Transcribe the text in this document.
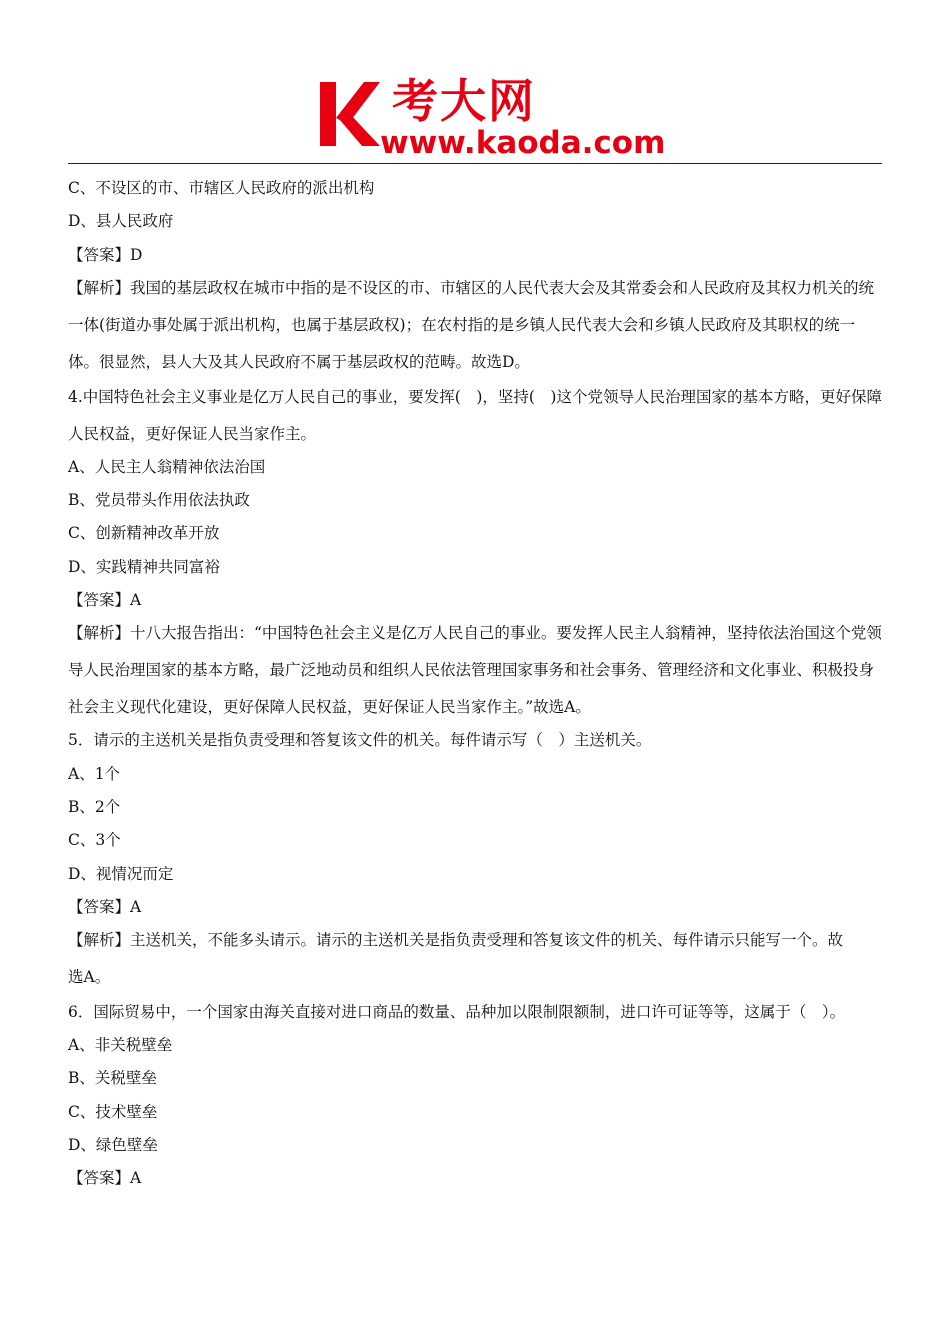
考大网
www.kaoda.com
C、不设区的市、市辖区人民政府的派出机构
D、县人民政府
【答案】D
【解析】我国的基层政权在城市中指的是不设区的市、市辖区的人民代表大会及其常委会和人民政府及其权力机关的统一体(街道办事处属于派出机构，也属于基层政权)；在农村指的是乡镇人民代表大会和乡镇人民政府及其职权的统一体。很显然，县人大及其人民政府不属于基层政权的范畴。故选D。
4.中国特色社会主义事业是亿万人民自己的事业，要发挥(　)，坚持(　)这个党领导人民治理国家的基本方略，更好保障人民权益，更好保证人民当家作主。
A、人民主人翁精神依法治国
B、党员带头作用依法执政
C、创新精神改革开放
D、实践精神共同富裕
【答案】A
【解析】十八大报告指出：“中国特色社会主义是亿万人民自己的事业。要发挥人民主人翁精神，坚持依法治国这个党领导人民治理国家的基本方略，最广泛地动员和组织人民依法管理国家事务和社会事务、管理经济和文化事业、积极投身社会主义现代化建设，更好保障人民权益，更好保证人民当家作主。”故选A。
5．请示的主送机关是指负责受理和答复该文件的机关。每件请示写（　）主送机关。
A、1个
B、2个
C、3个
D、视情况而定
【答案】A
【解析】主送机关，不能多头请示。请示的主送机关是指负责受理和答复该文件的机关、每件请示只能写一个。故选A。
6．国际贸易中，一个国家由海关直接对进口商品的数量、品种加以限制限额制，进口许可证等等，这属于（　）。
A、非关税壁垒
B、关税壁垒
C、技术壁垒
D、绿色壁垒
【答案】A
